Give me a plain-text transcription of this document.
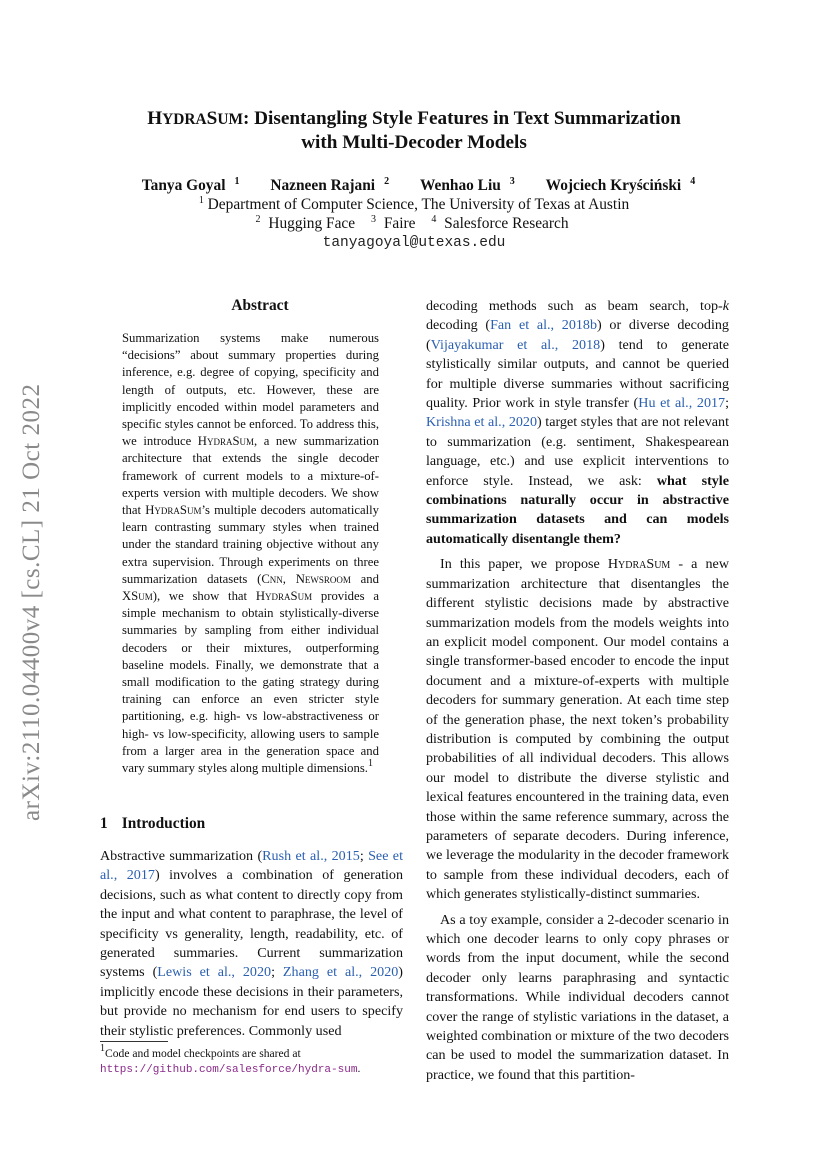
arXiv:2110.04400v4 [cs.CL] 21 Oct 2022
HYDRASUM: Disentangling Style Features in Text Summarization
with Multi-Decoder Models
Tanya Goyal $^1$ Nazneen Rajani $^2$ Wenhao Liu $^3$ Wojciech Kryściński $^4$
$^1$ Department of Computer Science, The University of Texas at Austin
$^2$ Hugging Face $^3$ Faire $^4$ Salesforce Research
tanyagoyal@utexas.edu
Abstract
Summarization systems make numerous “decisions” about summary properties during inference, e.g. degree of copying, specificity and length of outputs, etc. However, these are implicitly encoded within model parameters and specific styles cannot be enforced. To address this, we introduce HydraSum, a new summarization architecture that extends the single decoder framework of current models to a mixture-of-experts version with multiple decoders. We show that HydraSum’s multiple decoders automatically learn contrasting summary styles when trained under the standard training objective without any extra supervision. Through experiments on three summarization datasets (Cnn, Newsroom and XSum), we show that HydraSum provides a simple mechanism to obtain stylistically-diverse summaries by sampling from either individual decoders or their mixtures, outperforming baseline models. Finally, we demonstrate that a small modification to the gating strategy during training can enforce an even stricter style partitioning, e.g. high- vs low-abstractiveness or high- vs low-specificity, allowing users to sample from a larger area in the generation space and vary summary styles along multiple dimensions.$^1$
1 Introduction
Abstractive summarization (Rush et al., 2015; See et al., 2017) involves a combination of generation decisions, such as what content to directly copy from the input and what content to paraphrase, the level of specificity vs generality, length, readability, etc. of generated summaries. Current summarization systems (Lewis et al., 2020; Zhang et al., 2020) implicitly encode these decisions in their parameters, but provide no mechanism for end users to specify their stylistic preferences. Commonly used
$^1$Code and model checkpoints are shared at https://github.com/salesforce/hydra-sum.

decoding methods such as beam search, top-k decoding (Fan et al., 2018b) or diverse decoding (Vijayakumar et al., 2018) tend to generate stylistically similar outputs, and cannot be queried for multiple diverse summaries without sacrificing quality. Prior work in style transfer (Hu et al., 2017; Krishna et al., 2020) target styles that are not relevant to summarization (e.g. sentiment, Shakespearean language, etc.) and use explicit interventions to enforce style. Instead, we ask: what style combinations naturally occur in abstractive summarization datasets and can models automatically disentangle them?

In this paper, we propose HydraSum - a new summarization architecture that disentangles the different stylistic decisions made by abstractive summarization models from the models weights into an explicit model component. Our model contains a single transformer-based encoder to encode the input document and a mixture-of-experts with multiple decoders for summary generation. At each time step of the generation phase, the next token’s probability distribution is computed by combining the output probabilities of all individual decoders. This allows our model to distribute the diverse stylistic and lexical features encountered in the training data, even those within the same reference summary, across the parameters of separate decoders. During inference, we leverage the modularity in the decoder framework to sample from these individual decoders, each of which generates stylistically-distinct summaries.

As a toy example, consider a 2-decoder scenario in which one decoder learns to only copy phrases or words from the input document, while the second decoder only learns paraphrasing and syntactic transformations. While individual decoders cannot cover the range of stylistic variations in the dataset, a weighted combination or mixture of the two decoders can be used to model the summarization dataset. In practice, we found that this partition-
